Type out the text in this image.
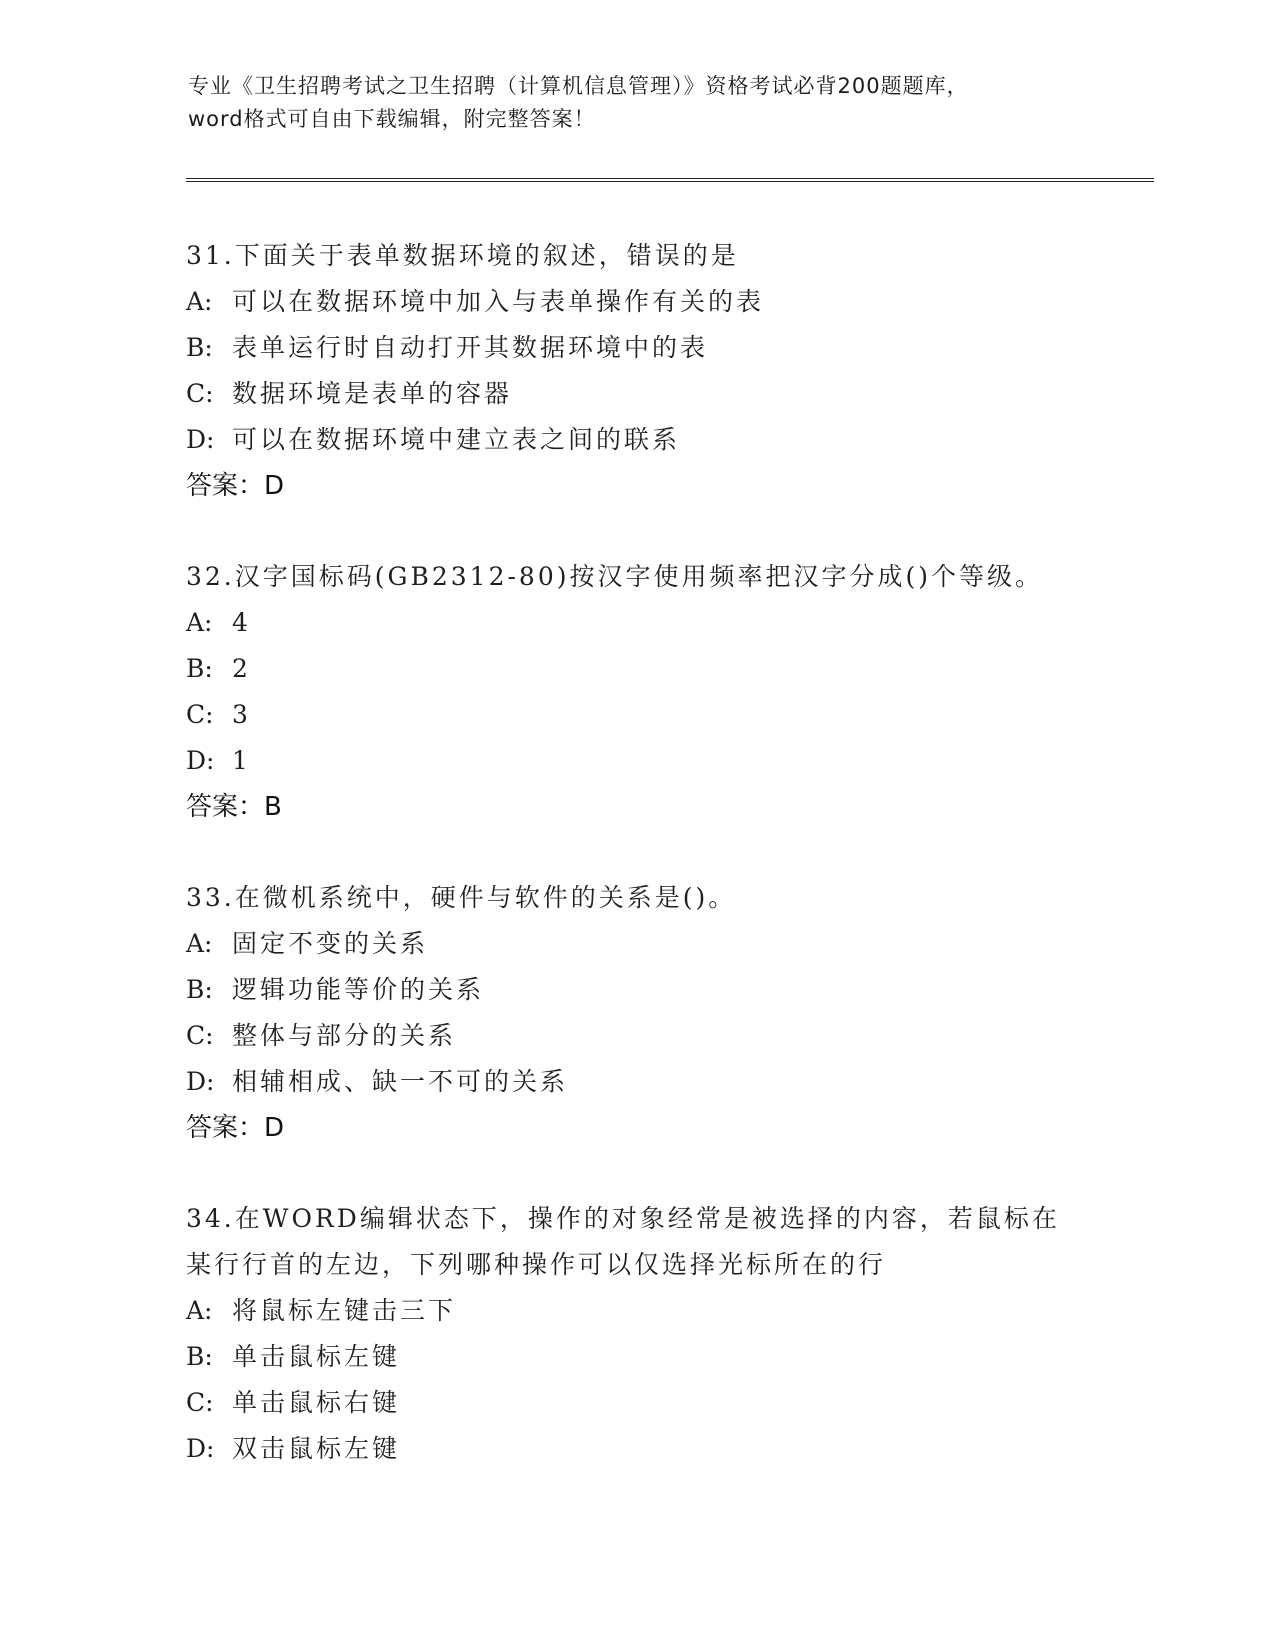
专业《卫生招聘考试之卫生招聘（计算机信息管理）》资格考试必背200题题库，
word格式可自由下载编辑，附完整答案！
31.下面关于表单数据环境的叙述，错误的是
A: 可以在数据环境中加入与表单操作有关的表
B: 表单运行时自动打开其数据环境中的表
C: 数据环境是表单的容器
D: 可以在数据环境中建立表之间的联系
答案：D
32.汉字国标码(GB2312-80)按汉字使用频率把汉字分成()个等级。
A: 4
B: 2
C: 3
D: 1
答案：B
33.在微机系统中，硬件与软件的关系是()。
A: 固定不变的关系
B: 逻辑功能等价的关系
C: 整体与部分的关系
D: 相辅相成、缺一不可的关系
答案：D
34.在WORD编辑状态下，操作的对象经常是被选择的内容，若鼠标在
某行行首的左边，下列哪种操作可以仅选择光标所在的行
A: 将鼠标左键击三下
B: 单击鼠标左键
C: 单击鼠标右键
D: 双击鼠标左键
